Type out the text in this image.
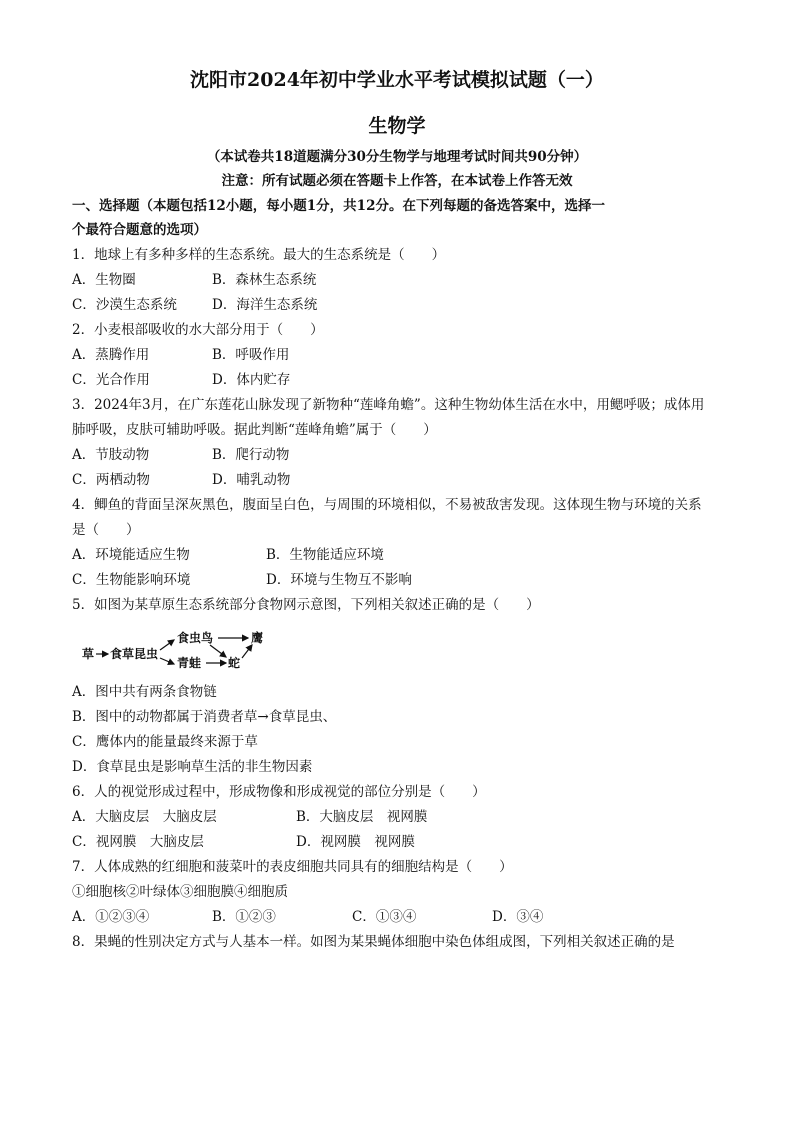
沈阳市2024年初中学业水平考试模拟试题（一）
生物学
（本试卷共18道题满分30分生物学与地理考试时间共90分钟）
注意：所有试题必须在答题卡上作答，在本试卷上作答无效
一、选择题（本题包括12小题，每小题1分，共12分。在下列每题的备选答案中，选择一
个最符合题意的选项）
1．地球上有多种多样的生态系统。最大的生态系统是（　　）
A．生物圈	B．森林生态系统
C．沙漠生态系统	D．海洋生态系统
2．小麦根部吸收的水大部分用于（　　）
A．蒸腾作用	B．呼吸作用
C．光合作用	D．体内贮存
3．2024年3月，在广东莲花山脉发现了新物种“莲峰角蟾”。这种生物幼体生活在水中，用鳃呼吸；成体用
肺呼吸，皮肤可辅助呼吸。据此判断“莲峰角蟾”属于（　　）
A．节肢动物	B．爬行动物
C．两栖动物	D．哺乳动物
4．鲫鱼的背面呈深灰黑色，腹面呈白色，与周围的环境相似，不易被敌害发现。这体现生物与环境的关系
是（　　）
A．环境能适应生物	B．生物能适应环境
C．生物能影响环境	D．环境与生物互不影响
5．如图为某草原生态系统部分食物网示意图，下列相关叙述正确的是（　　）
草 食草昆虫
食虫鸟
青蛙 蛇
鹰
A．图中共有两条食物链
B．图中的动物都属于消费者草→食草昆虫、
C．鹰体内的能量最终来源于草
D．食草昆虫是影响草生活的非生物因素
6．人的视觉形成过程中，形成物像和形成视觉的部位分别是（　　）
A．大脑皮层　大脑皮层	B．大脑皮层　视网膜
C．视网膜　大脑皮层	D．视网膜　视网膜
7．人体成熟的红细胞和菠菜叶的表皮细胞共同具有的细胞结构是（　　）
①细胞核②叶绿体③细胞膜④细胞质
A．①②③④	B．①②③	C．①③④	D．③④
8．果蝇的性别决定方式与人基本一样。如图为某果蝇体细胞中染色体组成图，下列相关叙述正确的是
